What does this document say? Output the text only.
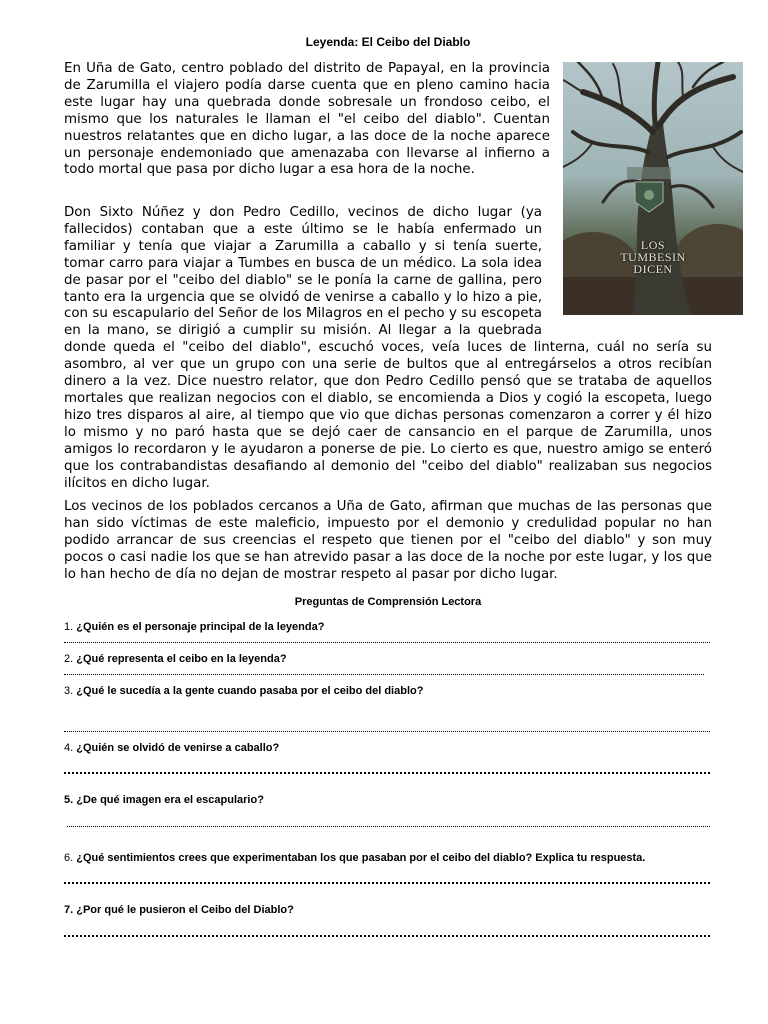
Leyenda: El Ceibo del Diablo
LOS
TUMBESIN
DICEN
En Uña de Gato, centro poblado del distrito de Papayal, en la provincia de Zarumilla el viajero podía darse cuenta que en pleno camino hacia este lugar hay una quebrada donde sobresale un frondoso ceibo, el mismo que los naturales le llaman el "el ceibo del diablo". Cuentan nuestros relatantes que en dicho lugar, a las doce de la noche aparece un personaje endemoniado que amenazaba con llevarse al infierno a todo mortal que pasa por dicho lugar a esa hora de la noche.
Don Sixto Núñez y don Pedro Cedillo, vecinos de dicho lugar (ya fallecidos) contaban que a este último se le había enfermado un familiar y tenía que viajar a Zarumilla a caballo y si tenía suerte, tomar carro para viajar a Tumbes en busca de un médico. La sola idea de pasar por el "ceibo del diablo" se le ponía la carne de gallina, pero tanto era la urgencia que se olvidó de venirse a caballo y lo hizo a pie, con su escapulario del Señor de los Milagros en el pecho y su escopeta en la mano, se dirigió a cumplir su misión. Al llegar a la quebrada donde queda el "ceibo del diablo", escuchó voces, veía luces de linterna, cuál no sería su asombro, al ver que un grupo con una serie de bultos que al entregárselos a otros recibían dinero a la vez. Dice nuestro relator, que don Pedro Cedillo pensó que se trataba de aquellos mortales que realizan negocios con el diablo, se encomienda a Dios y cogió la escopeta, luego hizo tres disparos al aire, al tiempo que vio que dichas personas comenzaron a correr y él hizo lo mismo y no paró hasta que se dejó caer de cansancio en el parque de Zarumilla, unos amigos lo recordaron y le ayudaron a ponerse de pie. Lo cierto es que, nuestro amigo se enteró que los contrabandistas desafiando al demonio del "ceibo del diablo" realizaban sus negocios ilícitos en dicho lugar.
Los vecinos de los poblados cercanos a Uña de Gato, afirman que muchas de las personas que han sido víctimas de este maleficio, impuesto por el demonio y credulidad popular no han podido arrancar de sus creencias el respeto que tienen por el "ceibo del diablo" y son muy pocos o casi nadie los que se han atrevido pasar a las doce de la noche por este lugar, y los que lo han hecho de día no dejan de mostrar respeto al pasar por dicho lugar.
Preguntas de Comprensión Lectora
1. ¿Quién es el personaje principal de la leyenda?
2. ¿Qué representa el ceibo en la leyenda?
3. ¿Qué le sucedía a la gente cuando pasaba por el ceibo del diablo?
4. ¿Quién se olvidó de venirse a caballo?
5. ¿De qué imagen era el escapulario?
6. ¿Qué sentimientos crees que experimentaban los que pasaban por el ceibo del diablo? Explica tu respuesta.
7. ¿Por qué le pusieron el Ceibo del Diablo?
